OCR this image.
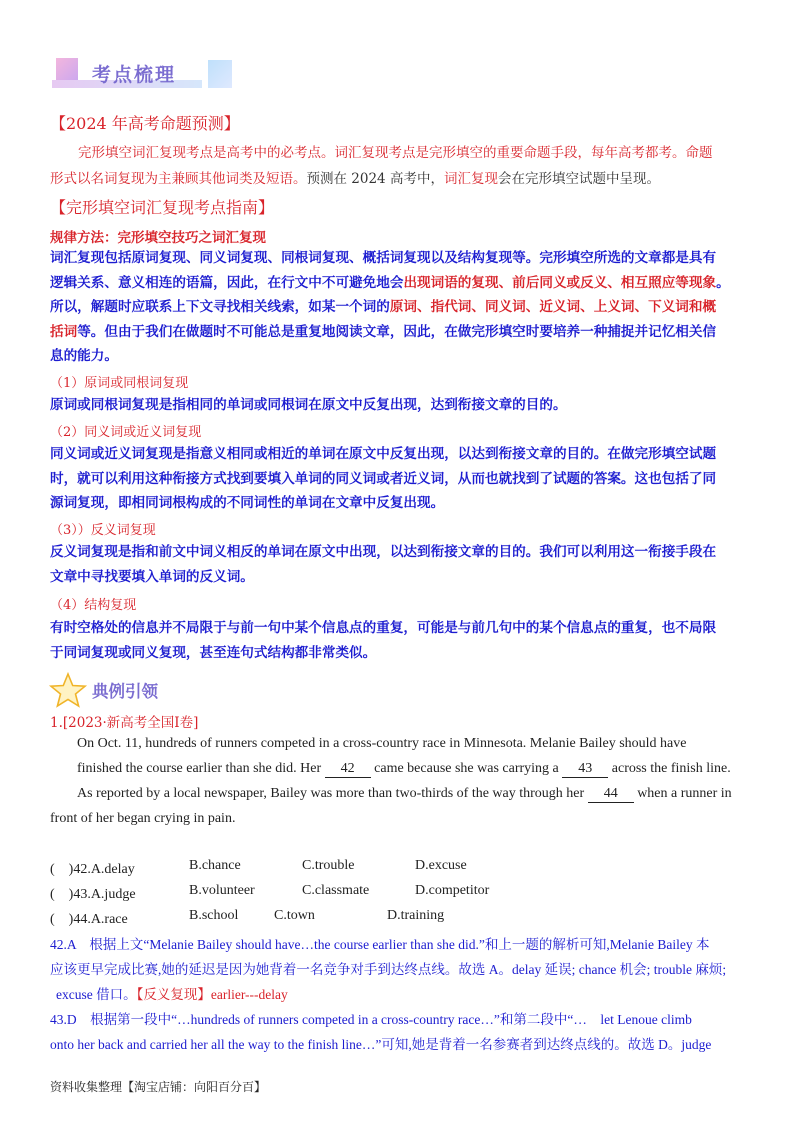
考点梳理
【2024 年高考命题预测】
完形填空词汇复现考点是高考中的必考点。词汇复现考点是完形填空的重要命题手段，每年高考都考。命题
形式以名词复现为主兼顾其他词类及短语。预测在 2024 高考中，词汇复现会在完形填空试题中呈现。
【完形填空词汇复现考点指南】
规律方法：完形填空技巧之词汇复现
词汇复现包括原词复现、同义词复现、同根词复现、概括词复现以及结构复现等。完形填空所选的文章都是具有
逻辑关系、意义相连的语篇，因此，在行文中不可避免地会出现词语的复现、前后同义或反义、相互照应等现象。
所以，解题时应联系上下文寻找相关线索，如某一个词的原词、指代词、同义词、近义词、上义词、下义词和概
括词等。但由于我们在做题时不可能总是重复地阅读文章，因此，在做完形填空时要培养一种捕捉并记忆相关信
息的能力。
（1）原词或同根词复现
原词或同根词复现是指相同的单词或同根词在原文中反复出现，达到衔接文章的目的。
（2）同义词或近义词复现
同义词或近义词复现是指意义相同或相近的单词在原文中反复出现，以达到衔接文章的目的。在做完形填空试题
时，就可以利用这种衔接方式找到要填入单词的同义词或者近义词，从而也就找到了试题的答案。这也包括了同
源词复现，即相同词根构成的不同词性的单词在文章中反复出现。
（3））反义词复现
反义词复现是指和前文中词义相反的单词在原文中出现，以达到衔接文章的目的。我们可以利用这一衔接手段在
文章中寻找要填入单词的反义词。
（4）结构复现
有时空格处的信息并不局限于与前一句中某个信息点的重复，可能是与前几句中的某个信息点的重复，也不局限
于同词复现或同义复现，甚至连句式结构都非常类似。
典例引领
1.[2023·新高考全国Ⅰ卷]
On Oct. 11, hundreds of runners competed in a cross-country race in Minnesota. Melanie Bailey should have
finished the course earlier than she did. Her 42 came because she was carrying a 43 across the finish line.
As reported by a local newspaper, Bailey was more than two-thirds of the way through her 44 when a runner in
front of her began crying in pain.
(　)42.A.delay	B.chance	C.trouble	D.excuse
(　)43.A.judge	B.volunteer	C.classmate	D.competitor
(　)44.A.race	B.school	C.town	D.training
42.A　根据上文“Melanie Bailey should have…the course earlier than she did.”和上一题的解析可知,Melanie Bailey 本
应该更早完成比赛,她的延迟是因为她背着一名竞争对手到达终点线。故选 A。delay 延误; chance 机会; trouble 麻烦;
excuse 借口。【反义复现】earlier---delay
43.D　根据第一段中“…hundreds of runners competed in a cross-country race…”和第二段中“…　let Lenoue climb
onto her back and carried her all the way to the finish line…”可知,她是背着一名参赛者到达终点线的。故选 D。judge
资料收集整理【淘宝店铺：向阳百分百】
